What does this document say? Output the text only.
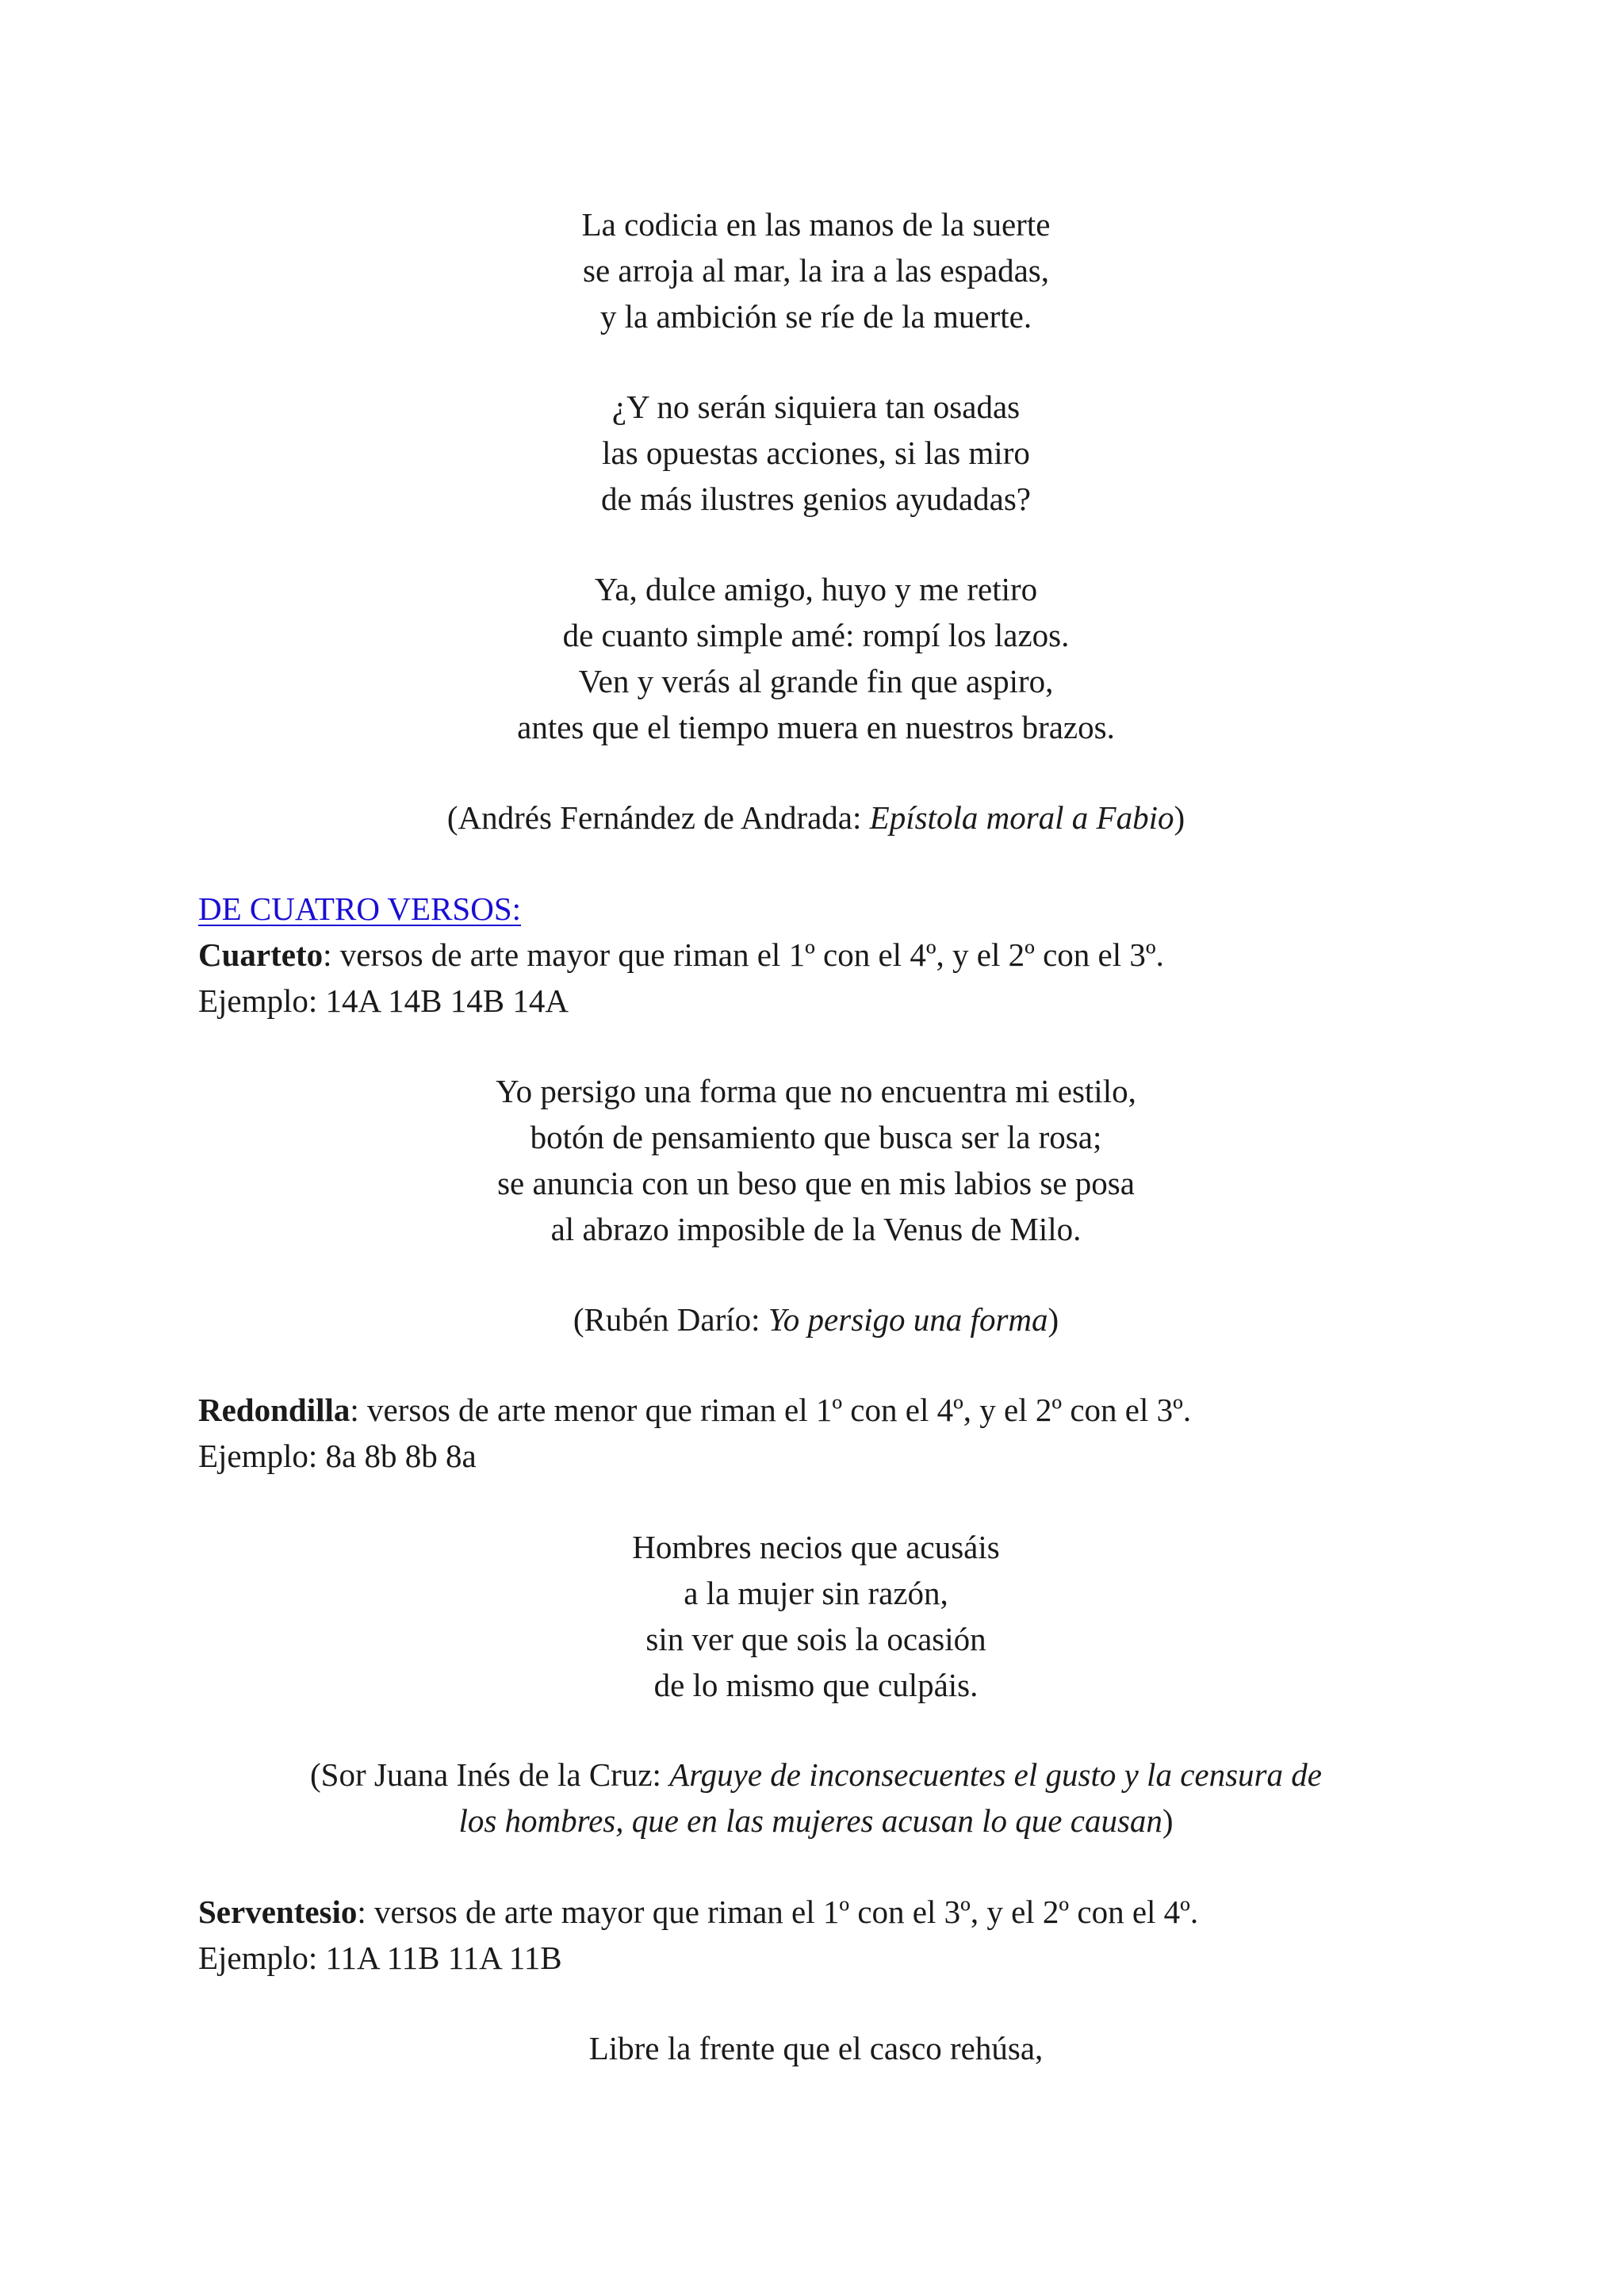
La codicia en las manos de la suerte
se arroja al mar, la ira a las espadas,
y la ambición se ríe de la muerte.
¿Y no serán siquiera tan osadas
las opuestas acciones, si las miro
de más ilustres genios ayudadas?
Ya, dulce amigo, huyo y me retiro
de cuanto simple amé: rompí los lazos.
Ven y verás al grande fin que aspiro,
antes que el tiempo muera en nuestros brazos.
(Andrés Fernández de Andrada: Epístola moral a Fabio)
DE CUATRO VERSOS:
Cuarteto: versos de arte mayor que riman el 1º con el 4º, y el 2º con el 3º.
Ejemplo: 14A 14B 14B 14A
Yo persigo una forma que no encuentra mi estilo,
botón de pensamiento que busca ser la rosa;
se anuncia con un beso que en mis labios se posa
al abrazo imposible de la Venus de Milo.
(Rubén Darío: Yo persigo una forma)
Redondilla: versos de arte menor que riman el 1º con el 4º, y el 2º con el 3º.
Ejemplo: 8a 8b 8b 8a
Hombres necios que acusáis
a la mujer sin razón,
sin ver que sois la ocasión
de lo mismo que culpáis.
(Sor Juana Inés de la Cruz: Arguye de inconsecuentes el gusto y la censura de
los hombres, que en las mujeres acusan lo que causan)
Serventesio: versos de arte mayor que riman el 1º con el 3º, y el 2º con el 4º.
Ejemplo: 11A 11B 11A 11B
Libre la frente que el casco rehúsa,
